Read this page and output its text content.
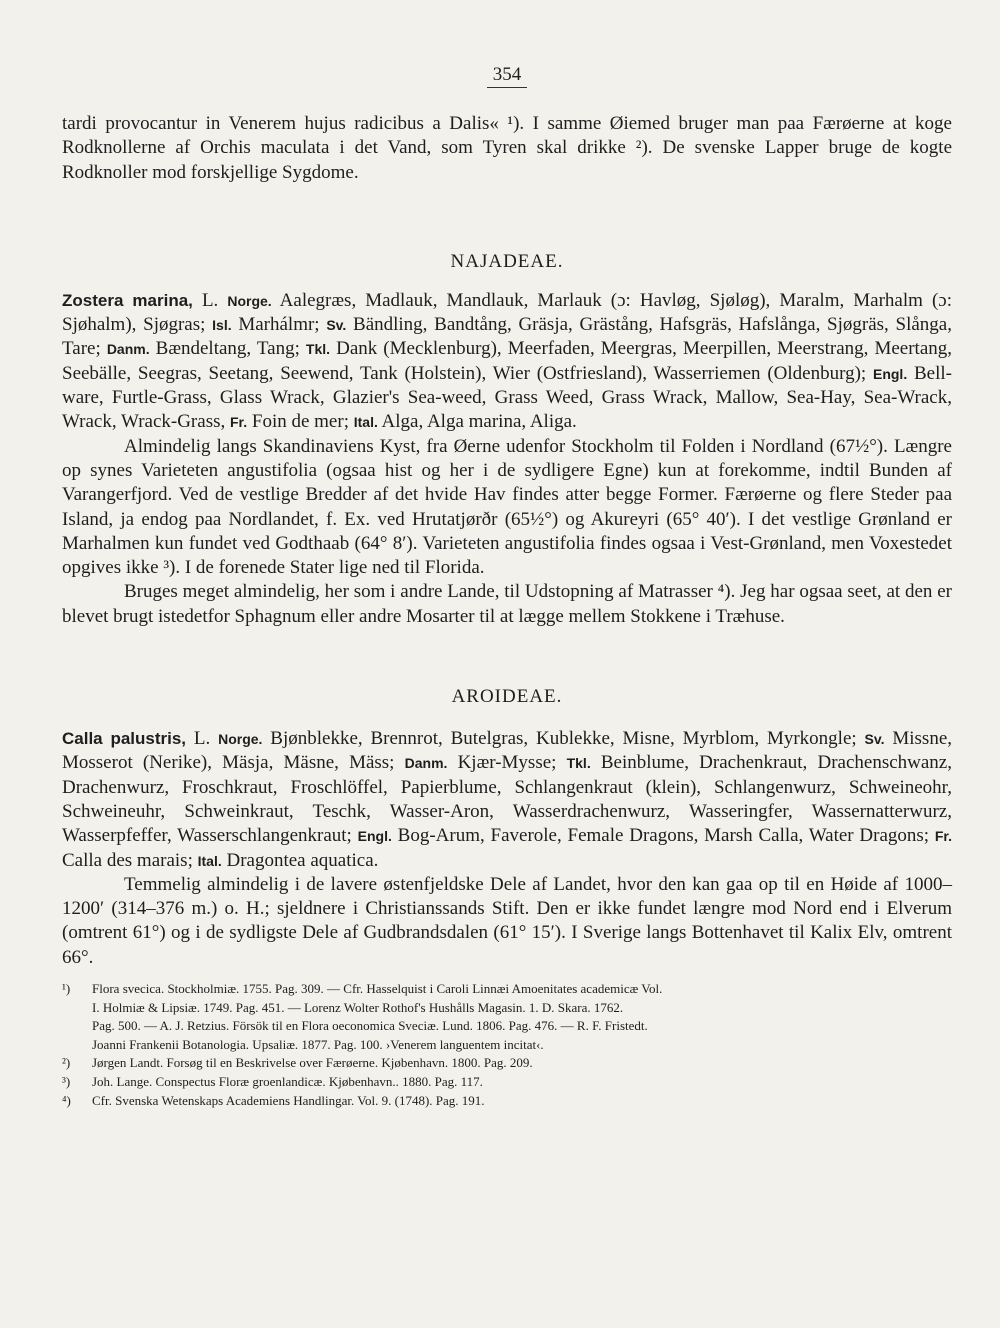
354

tardi provocantur in Venerem hujus radicibus a Dalis« ¹). I samme Øiemed bruger man paa Færøerne at koge Rodknollerne af Orchis maculata i det Vand, som Tyren skal drikke ²). De svenske Lapper bruge de kogte Rodknoller mod forskjellige Sygdome.

NAJADEAE.

Zostera marina, L. Norge. Aalegræs, Madlauk, Mandlauk, Marlauk (ɔ: Havløg, Sjøløg), Maralm, Marhalm (ɔ: Sjøhalm), Sjøgras; Isl. Marhálmr; Sv. Bändling, Bandtång, Gräsja, Grästång, Hafsgräs, Hafslånga, Sjøgräs, Slånga, Tare; Danm. Bændeltang, Tang; Tkl. Dank (Mecklenburg), Meerfaden, Meergras, Meerpillen, Meerstrang, Meertang, Seebälle, Seegras, Seetang, Seewend, Tank (Holstein), Wier (Ostfriesland), Wasserriemen (Oldenburg); Engl. Bell-ware, Furtle-Grass, Glass Wrack, Glazier's Sea-weed, Grass Weed, Grass Wrack, Mallow, Sea-Hay, Sea-Wrack, Wrack, Wrack-Grass, Fr. Foin de mer; Ital. Alga, Alga marina, Aliga.

Almindelig langs Skandinaviens Kyst, fra Øerne udenfor Stockholm til Folden i Nordland (67½°). Længre op synes Varieteten angustifolia (ogsaa hist og her i de sydligere Egne) kun at forekomme, indtil Bunden af Varangerfjord. Ved de vestlige Bredder af det hvide Hav findes atter begge Former. Færøerne og flere Steder paa Island, ja endog paa Nordlandet, f. Ex. ved Hrutatjørðr (65½°) og Akureyri (65° 40′). I det vestlige Grønland er Marhalmen kun fundet ved Godthaab (64° 8′). Varieteten angustifolia findes ogsaa i Vest-Grønland, men Voxestedet opgives ikke ³). I de forenede Stater lige ned til Florida.

Bruges meget almindelig, her som i andre Lande, til Udstopning af Matrasser ⁴). Jeg har ogsaa seet, at den er blevet brugt istedetfor Sphagnum eller andre Mosarter til at lægge mellem Stokkene i Træhuse.

AROIDEAE.

Calla palustris, L. Norge. Bjønblekke, Brennrot, Butelgras, Kublekke, Misne, Myrblom, Myrkongle; Sv. Missne, Mosserot (Nerike), Mäsja, Mäsne, Mäss; Danm. Kjær-Mysse; Tkl. Beinblume, Drachenkraut, Drachenschwanz, Drachenwurz, Froschkraut, Froschlöffel, Papierblume, Schlangenkraut (klein), Schlangenwurz, Schweineohr, Schweineuhr, Schweinkraut, Teschk, Wasser-Aron, Wasserdrachenwurz, Wasseringfer, Wassernatterwurz, Wasserpfeffer, Wasserschlangenkraut; Engl. Bog-Arum, Faverole, Female Dragons, Marsh Calla, Water Dragons; Fr. Calla des marais; Ital. Dragontea aquatica.

Temmelig almindelig i de lavere østenfjeldske Dele af Landet, hvor den kan gaa op til en Høide af 1000–1200′ (314–376 m.) o. H.; sjeldnere i Christianssands Stift. Den er ikke fundet længre mod Nord end i Elverum (omtrent 61°) og i de sydligste Dele af Gudbrandsdalen (61° 15′). I Sverige langs Bottenhavet til Kalix Elv, omtrent 66°.

¹)	Flora svecica. Stockholmiæ. 1755. Pag. 309. — Cfr. Hasselquist i Caroli Linnæi Amoenitates academicæ Vol.
I. Holmiæ & Lipsiæ. 1749. Pag. 451. — Lorenz Wolter Rothof's Hushålls Magasin. 1. D. Skara. 1762.
Pag. 500. — A. J. Retzius. Försök til en Flora oeconomica Sveciæ. Lund. 1806. Pag. 476. — R. F. Fristedt.
Joanni Frankenii Botanologia. Upsaliæ. 1877. Pag. 100. ›Venerem languentem incitat‹.
²)	Jørgen Landt. Forsøg til en Beskrivelse over Færøerne. Kjøbenhavn. 1800. Pag. 209.
³)	Joh. Lange. Conspectus Floræ groenlandicæ. Kjøbenhavn.. 1880. Pag. 117.
⁴)	Cfr. Svenska Wetenskaps Academiens Handlingar. Vol. 9. (1748). Pag. 191.
